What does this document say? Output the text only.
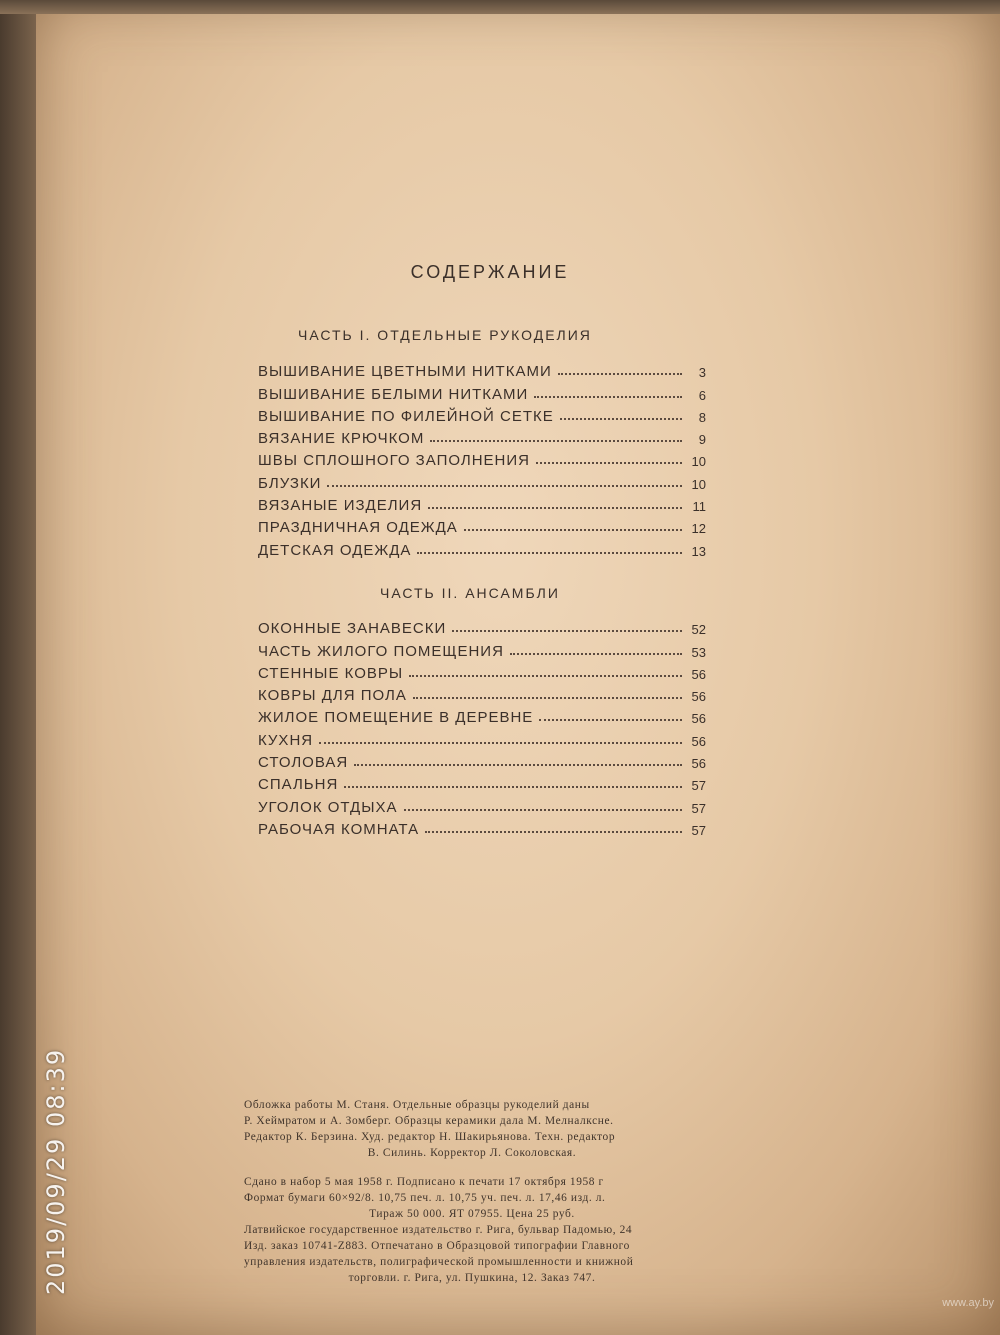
СОДЕРЖАНИЕ
ЧАСТЬ I. ОТДЕЛЬНЫЕ РУКОДЕЛИЯ
ВЫШИВАНИЕ ЦВЕТНЫМИ НИТКАМИ	3
ВЫШИВАНИЕ БЕЛЫМИ НИТКАМИ	6
ВЫШИВАНИЕ ПО ФИЛЕЙНОЙ СЕТКЕ	8
ВЯЗАНИЕ КРЮЧКОМ	9
ШВЫ СПЛОШНОГО ЗАПОЛНЕНИЯ	10
БЛУЗКИ	10
ВЯЗАНЫЕ ИЗДЕЛИЯ	11
ПРАЗДНИЧНАЯ ОДЕЖДА	12
ДЕТСКАЯ ОДЕЖДА	13
ЧАСТЬ II. АНСАМБЛИ
ОКОННЫЕ ЗАНАВЕСКИ	52
ЧАСТЬ ЖИЛОГО ПОМЕЩЕНИЯ	53
СТЕННЫЕ КОВРЫ	56
КОВРЫ ДЛЯ ПОЛА	56
ЖИЛОЕ ПОМЕЩЕНИЕ В ДЕРЕВНЕ	56
КУХНЯ	56
СТОЛОВАЯ	56
СПАЛЬНЯ	57
УГОЛОК ОТДЫХА	57
РАБОЧАЯ КОМНАТА	57
Обложка работы М. Станя. Отдельные образцы рукоделий даны
Р. Хеймратом и А. Зомберг. Образцы керамики дала М. Мелналксне.
Редактор К. Берзина. Худ. редактор Н. Шакирьянова. Техн. редактор
В. Силинь. Корректор Л. Соколовская.
Сдано в набор 5 мая 1958 г. Подписано к печати 17 октября 1958 г
Формат бумаги 60×92/8. 10,75 печ. л. 10,75 уч. печ. л. 17,46 изд. л.
Тираж 50 000. ЯТ 07955. Цена 25 руб.
Латвийское государственное издательство г. Рига, бульвар Падомью, 24
Изд. заказ 10741-Z883. Отпечатано в Образцовой типографии Главного
управления издательств, полиграфической промышленности и книжной
торговли. г. Рига, ул. Пушкина, 12. Заказ 747.
2019/09/29 08:39
www.ay.by
